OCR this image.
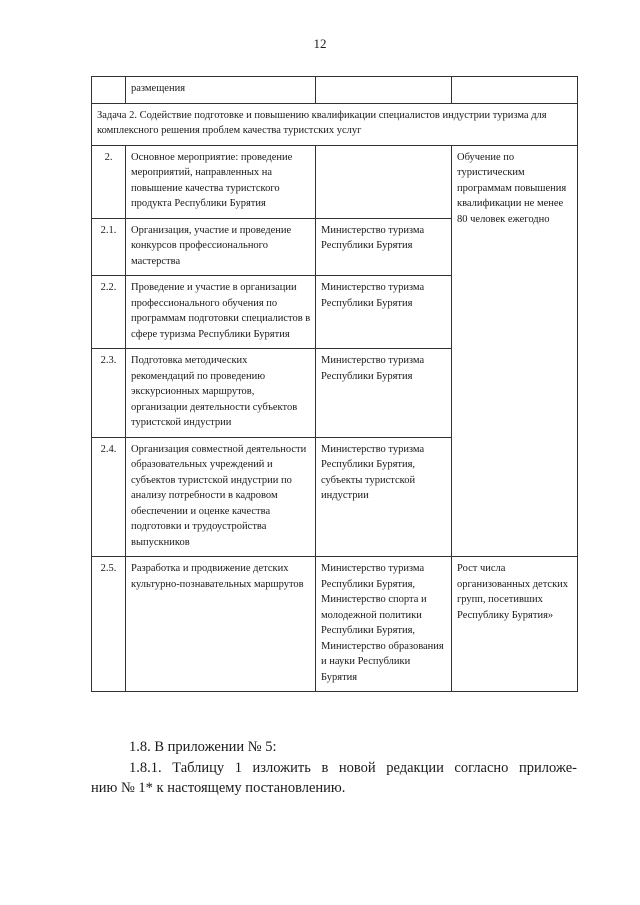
12
	размещения		
Задача 2. Содействие подготовке и повышению квалификации специалистов индустрии туризма для комплексного решения проблем качества туристских услуг			
2.	Основное мероприятие: проведение мероприятий, направленных на повышение качества туристского продукта Республики Бурятия		Обучение по туристическим программам повышения квалификации не менее 80 человек ежегодно
2.1.	Организация, участие и проведение конкурсов профессионального мастерства	Министерство туризма Республики Бурятия	
2.2.	Проведение и участие в организации профессионального обучения по программам подготовки специалистов в сфере туризма Республики Бурятия	Министерство туризма Республики Бурятия	
2.3.	Подготовка методических рекомендаций по проведению экскурсионных маршрутов, организации деятельности субъектов туристской индустрии	Министерство туризма Республики Бурятия	
2.4.	Организация совместной деятельности образовательных учреждений и субъектов туристской индустрии по анализу потребности в кадровом обеспечении и оценке качества подготовки и трудоустройства выпускников	Министерство туризма Республики Бурятия, субъекты туристской индустрии	
2.5.	Разработка и продвижение детских культурно-познавательных маршрутов	Министерство туризма Республики Бурятия, Министерство спорта и молодежной политики Республики Бурятия, Министерство образования и науки Республики Бурятия	Рост числа организованных детских групп, посетивших Республику Бурятия»
1.8. В приложении № 5:
1.8.1. Таблицу 1 изложить в новой редакции согласно приложе-
нию № 1* к настоящему постановлению.
